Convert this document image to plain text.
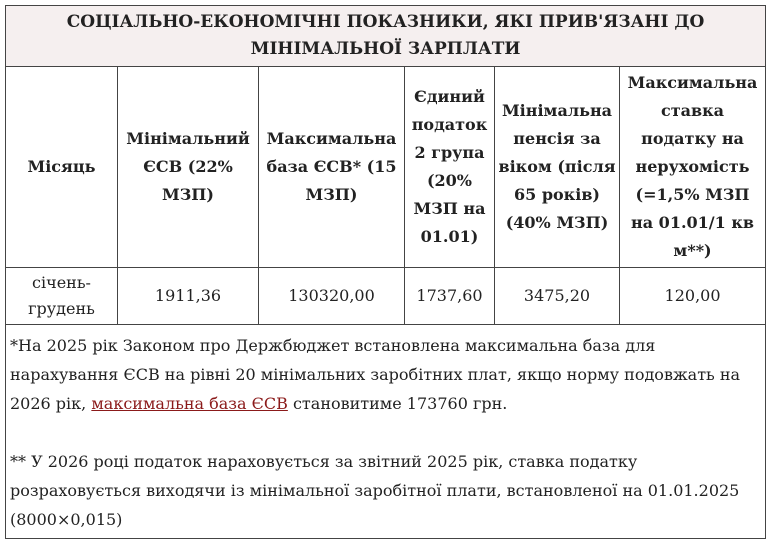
СОЦІАЛЬНО-ЕКОНОМІЧНІ ПОКАЗНИКИ, ЯКІ ПРИВ'ЯЗАНІ ДО МІНІМАЛЬНОЇ ЗАРПЛАТИ					
Місяць	Мінімальний ЄСВ (22% МЗП)	Максимальна база ЄСВ* (15 МЗП)	Єдиний податок 2 група (20% МЗП на 01.01)	Мінімальна пенсія за віком (після 65 років) (40% МЗП)	Максимальна ставка податку на нерухомість (=1,5% МЗП на 01.01/1 кв м**)
січень-грудень	1911,36	130320,00	1737,60	3475,20	120,00

*На 2025 рік Законом про Держбюджет встановлена максимальна база для нарахування ЄСВ на рівні 20 мінімальних заробітних плат, якщо норму подовжать на 2026 рік, максимальна база ЄСВ становитиме 173760 грн.

** У 2026 році податок нараховується за звітний 2025 рік, ставка податку розраховується виходячи із мінімальної заробітної плати, встановленої на 01.01.2025 (8000×0,015)					
